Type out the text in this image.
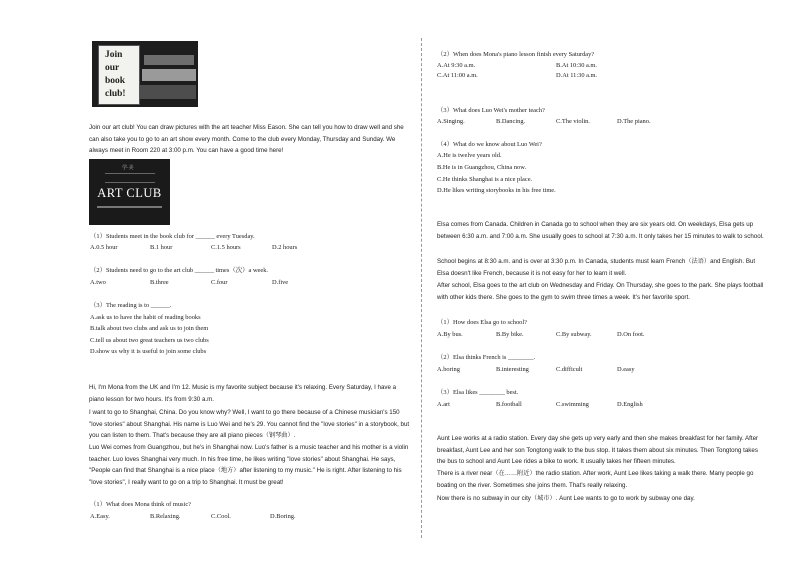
Join
our
book
club!

Join our art club! You can draw pictures with the art teacher Miss Eason. She can tell you how to draw well and she can also take you to go to an art show every month. Come to the club every Monday, Thursday and Sunday. We always meet in Room 220 at 3:00 p.m. You can have a good time here!

学·美
ART CLUB
（1）Students meet in the book club for ______ every Tuesday.
A.0.5 hour	B.1 hour	C.1.5 hours	D.2 hours
（2）Students need to go to the art club ______ times（次）a week.
A.two	B.three	C.four	D.five
（3）The reading is to ______.
A.ask us to have the habit of reading books
B.talk about two clubs and ask us to join them
C.tell us about two great teachers us two clubs
D.show us why it is useful to join some clubs

Hi, I'm Mona from the UK and I'm 12. Music is my favorite subject because it's relaxing. Every Saturday, I have a piano lesson for two hours. It's from 9:30 a.m.

I want to go to Shanghai, China. Do you know why? Well, I want to go there because of a Chinese musician's 150 "love stories" about Shanghai. His name is Luo Wei and he's 29. You cannot find the "love stories" in a storybook, but you can listen to them. That's because they are all piano pieces（钢琴曲）.

Luo Wei comes from Guangzhou, but he's in Shanghai now. Luo's father is a music teacher and his mother is a violin teacher. Luo loves Shanghai very much. In his free time, he likes writing "love stories" about Shanghai. He says, "People can find that Shanghai is a nice place（地方）after listening to my music." He is right. After listening to his "love stories", I really want to go on a trip to Shanghai. It must be great!

（1）What does Mona think of music?
A.Easy.	B.Relaxing.	C.Cool.	D.Boring.
（2）When does Mona's piano lesson finish every Saturday?
A.At 9:30 a.m.	B.At 10:30 a.m.
C.At 11:00 a.m.	D.At 11:30 a.m.
（3）What does Luo Wei's mother teach?
A.Singing.	B.Dancing.	C.The violin.	D.The piano.
（4）What do we know about Luo Wei?
A.He is twelve years old.
B.He is in Guangzhou, China now.
C.He thinks Shanghai is a nice place.
D.He likes writing storybooks in his free time.

Elsa comes from Canada. Children in Canada go to school when they are six years old. On weekdays, Elsa gets up between 6:30 a.m. and 7:00 a.m. She usually goes to school at 7:30 a.m. It only takes her 15 minutes to walk to school.

School begins at 8:30 a.m. and is over at 3:30 p.m. In Canada, students must learn French（法语）and English. But Elsa doesn't like French, because it is not easy for her to learn it well.

After school, Elsa goes to the art club on Wednesday and Friday. On Thursday, she goes to the park. She plays football with other kids there. She goes to the gym to swim three times a week. It's her favorite sport.

（1）How does Elsa go to school?
A.By bus.	B.By bike.	C.By subway.	D.On foot.
（2）Elsa thinks French is ________.
A.boring	B.interesting	C.difficult	D.easy
（3）Elsa likes ________ best.
A.art	B.football	C.swimming	D.English

Aunt Lee works at a radio station. Every day she gets up very early and then she makes breakfast for her family. After breakfast, Aunt Lee and her son Tongtong walk to the bus stop. It takes them about six minutes. Then Tongtong takes the bus to school and Aunt Lee rides a bike to work. It usually takes her fifteen minutes.

There is a river near（在……附近）the radio station. After work, Aunt Lee likes taking a walk there. Many people go boating on the river. Sometimes she joins them. That's really relaxing.

Now there is no subway in our city（城市）. Aunt Lee wants to go to work by subway one day.
